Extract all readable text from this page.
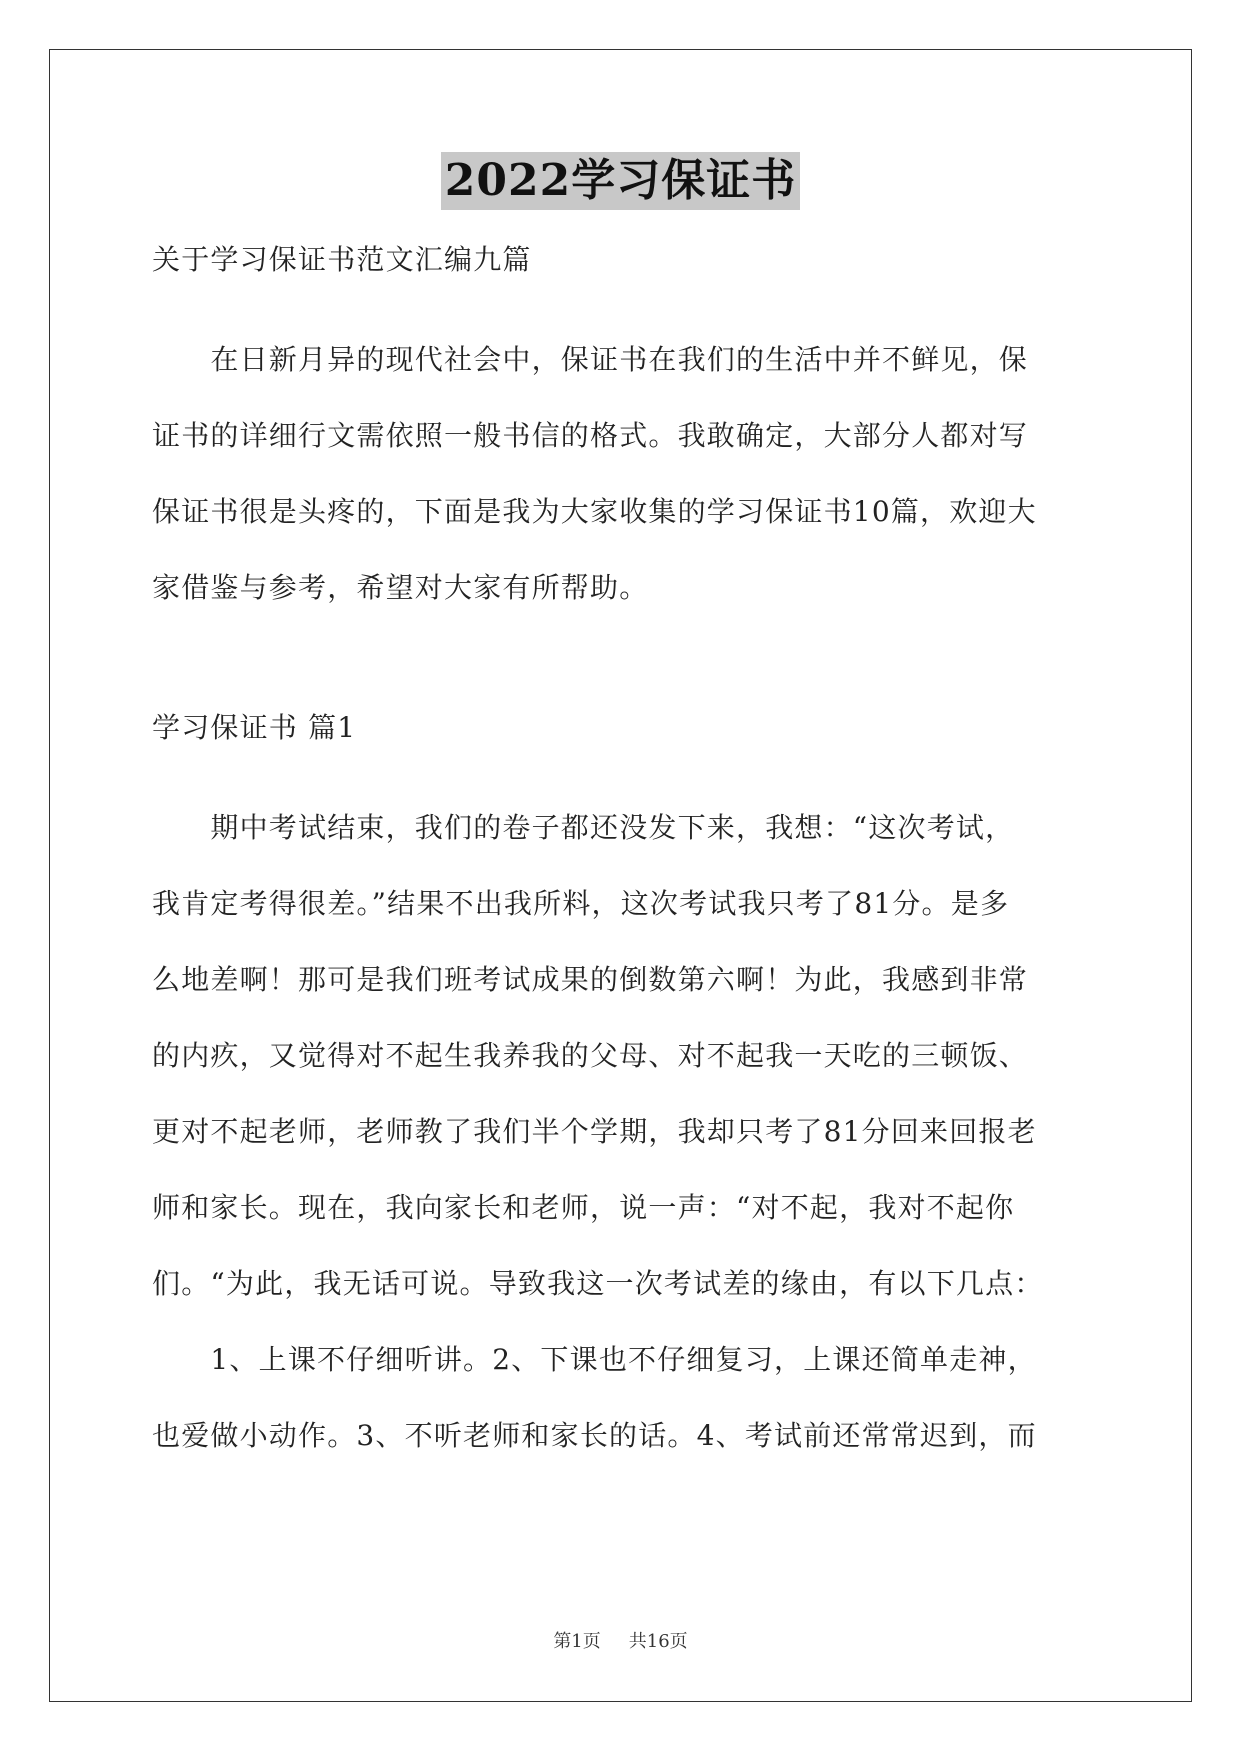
2022学习保证书
关于学习保证书范文汇编九篇
　　在日新月异的现代社会中，保证书在我们的生活中并不鲜见，保
证书的详细行文需依照一般书信的格式。我敢确定，大部分人都对写
保证书很是头疼的，下面是我为大家收集的学习保证书10篇，欢迎大
家借鉴与参考，希望对大家有所帮助。
学习保证书 篇1
　　期中考试结束，我们的卷子都还没发下来，我想：“这次考试，
我肯定考得很差。”结果不出我所料，这次考试我只考了81分。是多
么地差啊！那可是我们班考试成果的倒数第六啊！为此，我感到非常
的内疚，又觉得对不起生我养我的父母、对不起我一天吃的三顿饭、
更对不起老师，老师教了我们半个学期，我却只考了81分回来回报老
师和家长。现在，我向家长和老师，说一声：“对不起，我对不起你
们。“为此，我无话可说。导致我这一次考试差的缘由，有以下几点：
　　1、上课不仔细听讲。2、下课也不仔细复习，上课还简单走神，
也爱做小动作。3、不听老师和家长的话。4、考试前还常常迟到，而
第1页 共16页
